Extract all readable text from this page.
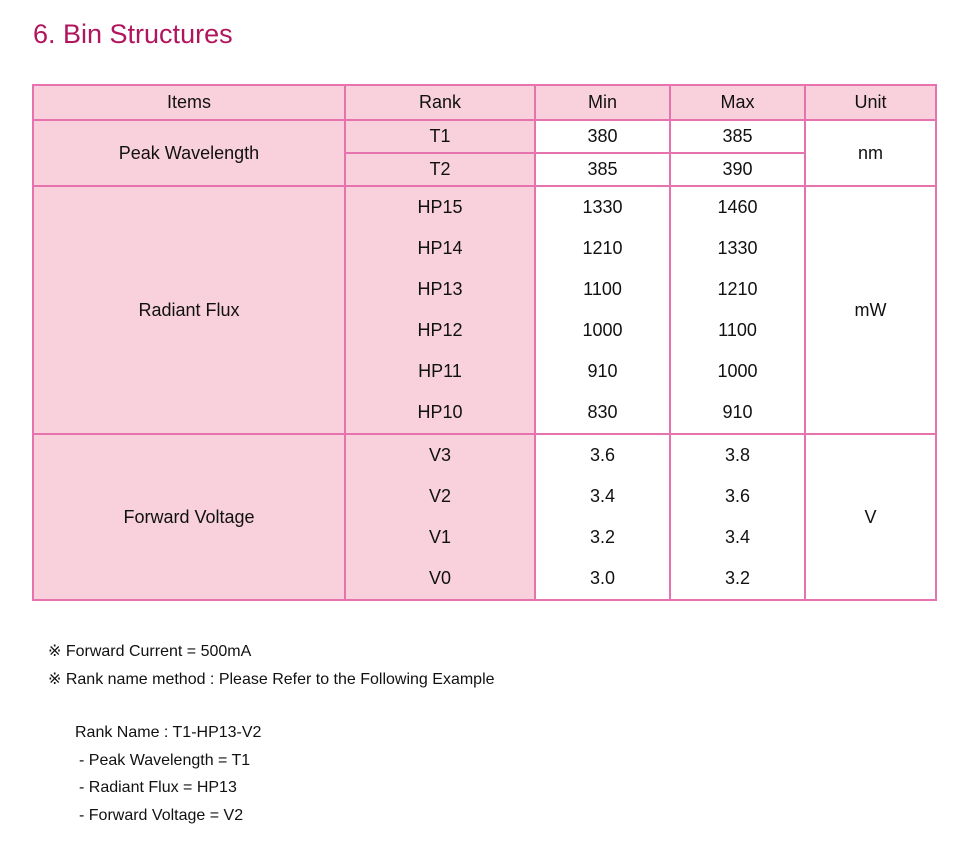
6. Bin Structures
Items	Rank	Min	Max	Unit
Peak Wavelength	T1	380	385	nm
	T2	385	390	
Radiant Flux	HP15	1330	1460	mW
	HP14	1210	1330	
	HP13	1100	1210	
	HP12	1000	1100	
	HP11	910	1000	
	HP10	830	910	
Forward Voltage	V3	3.6	3.8	V
	V2	3.4	3.6	
	V1	3.2	3.4	
	V0	3.0	3.2	
※ Forward Current = 500mA
※ Rank name method : Please Refer to the Following Example
Rank Name : T1-HP13-V2
- Peak Wavelength = T1
- Radiant Flux = HP13
- Forward Voltage = V2
